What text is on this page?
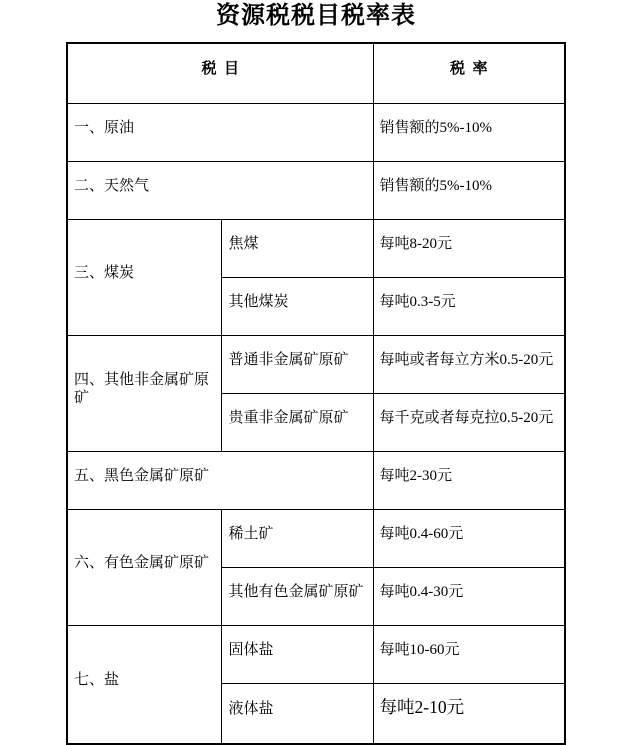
资源税税目税率表
税  目		税  率
一、原油		销售额的5%-10%
二、天然气		销售额的5%-10%
三、煤炭	焦煤	每吨8-20元
	其他煤炭	每吨0.3-5元
四、其他非金属矿原矿	普通非金属矿原矿	每吨或者每立方米0.5-20元
	贵重非金属矿原矿	每千克或者每克拉0.5-20元
五、黑色金属矿原矿		每吨2-30元
六、有色金属矿原矿	稀土矿	每吨0.4-60元
	其他有色金属矿原矿	每吨0.4-30元
七、盐	固体盐	每吨10-60元
	液体盐	每吨2-10元
